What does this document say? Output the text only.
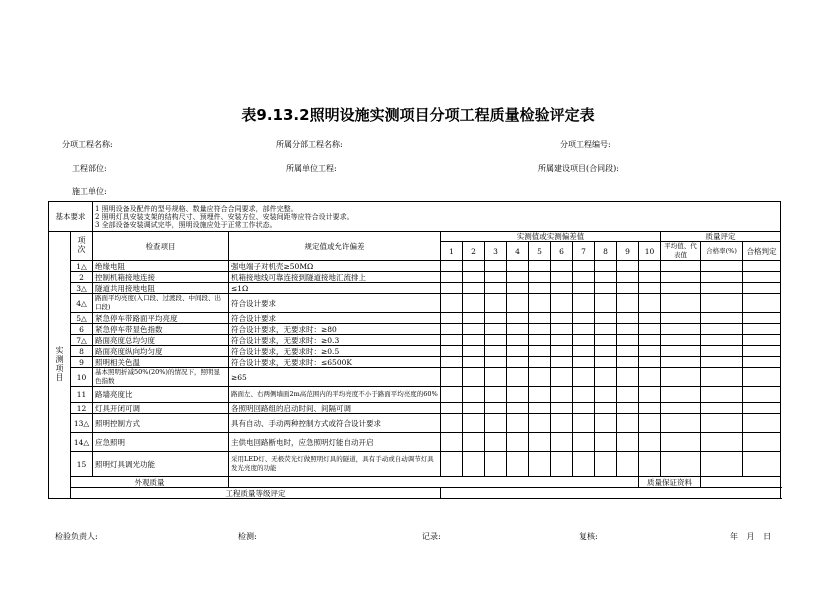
表9.13.2照明设施实测项目分项工程质量检验评定表
分项工程名称:	所属分部工程名称:	分项工程编号:
工程部位:	所属单位工程:	所属建设项目(合同段):
施工单位:
基本要求		1 照明设备及配件的型号规格、数量应符合合同要求，部件完整。
2 照明灯具安装支架的结构尺寸、预埋件、安装方位、安装间距等应符合设计要求。
3 全部设备安装调试完毕，照明设施应处于正常工作状态。														

实测项目	项次	检查项目	规定值或允许偏差	实测值或实测偏差值										质量评定		
				1	2	3	4	5	6	7	8	9	10	平均值、代表值	合格率(%)	合格判定
	1△	绝缘电阻	强电端子对机壳≥50MΩ													
	2	控制机箱接地连接	机箱接地线可靠连接到隧道接地汇流排上													
	3△	隧道共用接地电阻	≤1Ω													
	4△	路面平均亮度(入口段、过渡段、中间段、出口段)	符合设计要求													
	5△	紧急停车带路面平均亮度	符合设计要求													
	6	紧急停车带显色指数	符合设计要求，无要求时：≥80													
	7△	路面亮度总均匀度	符合设计要求，无要求时：≥0.3													
	8	路面亮度纵向均匀度	符合设计要求，无要求时：≥0.5													
	9	照明相关色温	符合设计要求，无要求时：≤6500K													
	10	基本照明折减50%(20%)的情况下，照明显色指数	≥65													
	11	路墙亮度比	路面左、右两侧墙面2m高范围内的平均亮度不小于路面平均亮度的60%													
	12	灯具开闭可调	各照明回路组的启动时间、间隔可调													
	13△	照明控制方式	具有自动、手动两种控制方式或符合设计要求													
	14△	应急照明	主供电回路断电时，应急照明灯能自动开启													
	15	照明灯具调光功能	采用LED灯、无极荧光灯做照明灯具的隧道，具有手动或自动调节灯具发光亮度的功能													
	外观质量												质量保证资料			
	工程质量等级评定															
检验负责人:	检测:	记录:	复核:	年 月 日
